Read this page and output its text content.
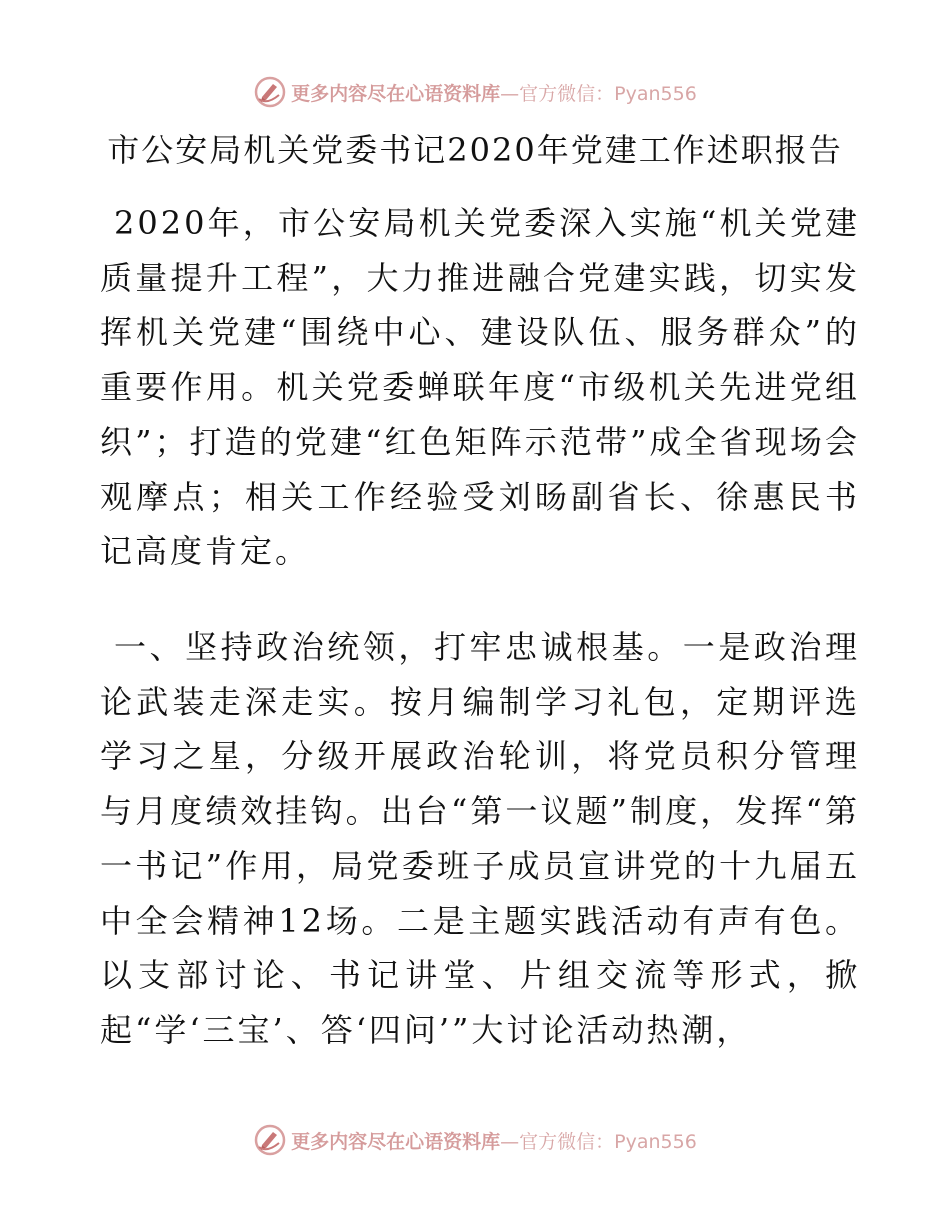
更多内容尽在心语资料库—官方微信：Pyan556
市公安局机关党委书记2020年党建工作述职报告

2020年，市公安局机关党委深入实施“机关党建质量提升工程”，大力推进融合党建实践，切实发挥机关党建“围绕中心、建设队伍、服务群众”的重要作用。机关党委蝉联年度“市级机关先进党组织”；打造的党建“红色矩阵示范带”成全省现场会观摩点；相关工作经验受刘旸副省长、徐惠民书记高度肯定。

一、坚持政治统领，打牢忠诚根基。一是政治理论武装走深走实。按月编制学习礼包，定期评选学习之星，分级开展政治轮训，将党员积分管理与月度绩效挂钩。出台“第一议题”制度，发挥“第一书记”作用，局党委班子成员宣讲党的十九届五中全会精神12场。二是主题实践活动有声有色。以支部讨论、书记讲堂、片组交流等形式，掀起“学‘三宝’、答‘四问’”大讨论活动热潮，

更多内容尽在心语资料库—官方微信：Pyan556
